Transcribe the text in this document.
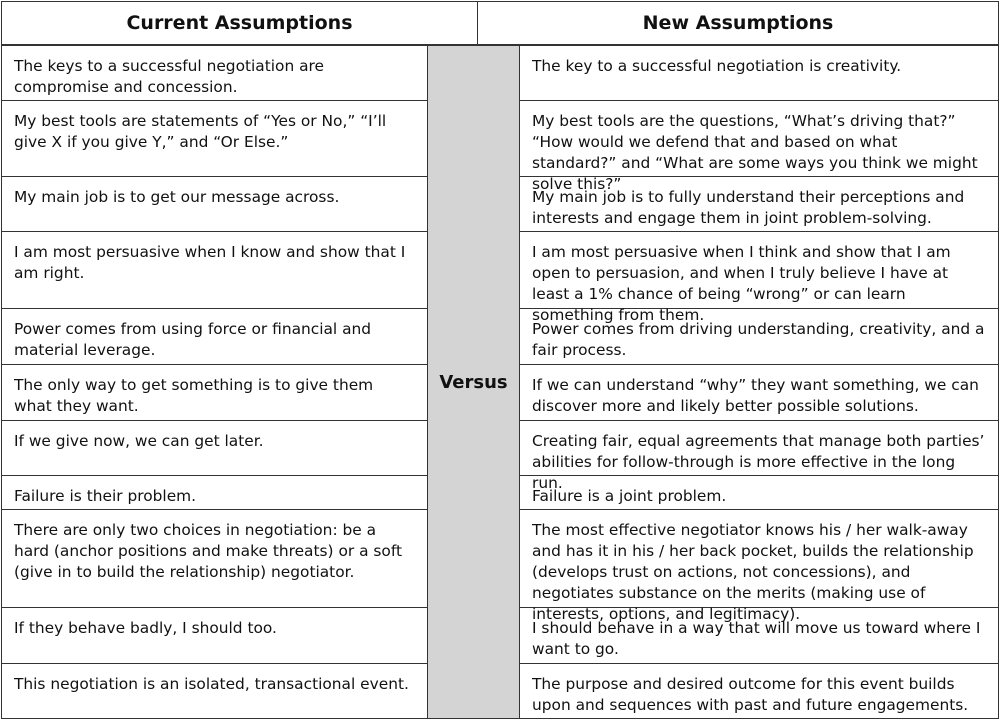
Current Assumptions	New Assumptions
The keys to a successful negotiation are compromise and concession.
My best tools are statements of “Yes or No,” “I’ll give X if you give Y,” and “Or Else.”
My main job is to get our message across.
I am most persuasive when I know and show that I am right.
Power comes from using force or financial and material leverage.
The only way to get something is to give them what they want.
If we give now, we can get later.
Failure is their problem.
There are only two choices in negotiation: be a hard (anchor positions and make threats) or a soft (give in to build the relationship) negotiator.
If they behave badly, I should too.
This negotiation is an isolated, transactional event.
Versus
The key to a successful negotiation is creativity.
My best tools are the questions, “What’s driving that?” “How would we defend that and based on what standard?” and “What are some ways you think we might solve this?”
My main job is to fully understand their perceptions and interests and engage them in joint problem-solving.
I am most persuasive when I think and show that I am open to persuasion, and when I truly believe I have at least a 1% chance of being “wrong” or can learn something from them.
Power comes from driving understanding, creativity, and a fair process.
If we can understand “why” they want something, we can discover more and likely better possible solutions.
Creating fair, equal agreements that manage both parties’ abilities for follow-through is more effective in the long run.
Failure is a joint problem.
The most effective negotiator knows his / her walk-away and has it in his / her back pocket, builds the relationship (develops trust on actions, not concessions), and negotiates substance on the merits (making use of interests, options, and legitimacy).
I should behave in a way that will move us toward where I want to go.
The purpose and desired outcome for this event builds upon and sequences with past and future engagements.
